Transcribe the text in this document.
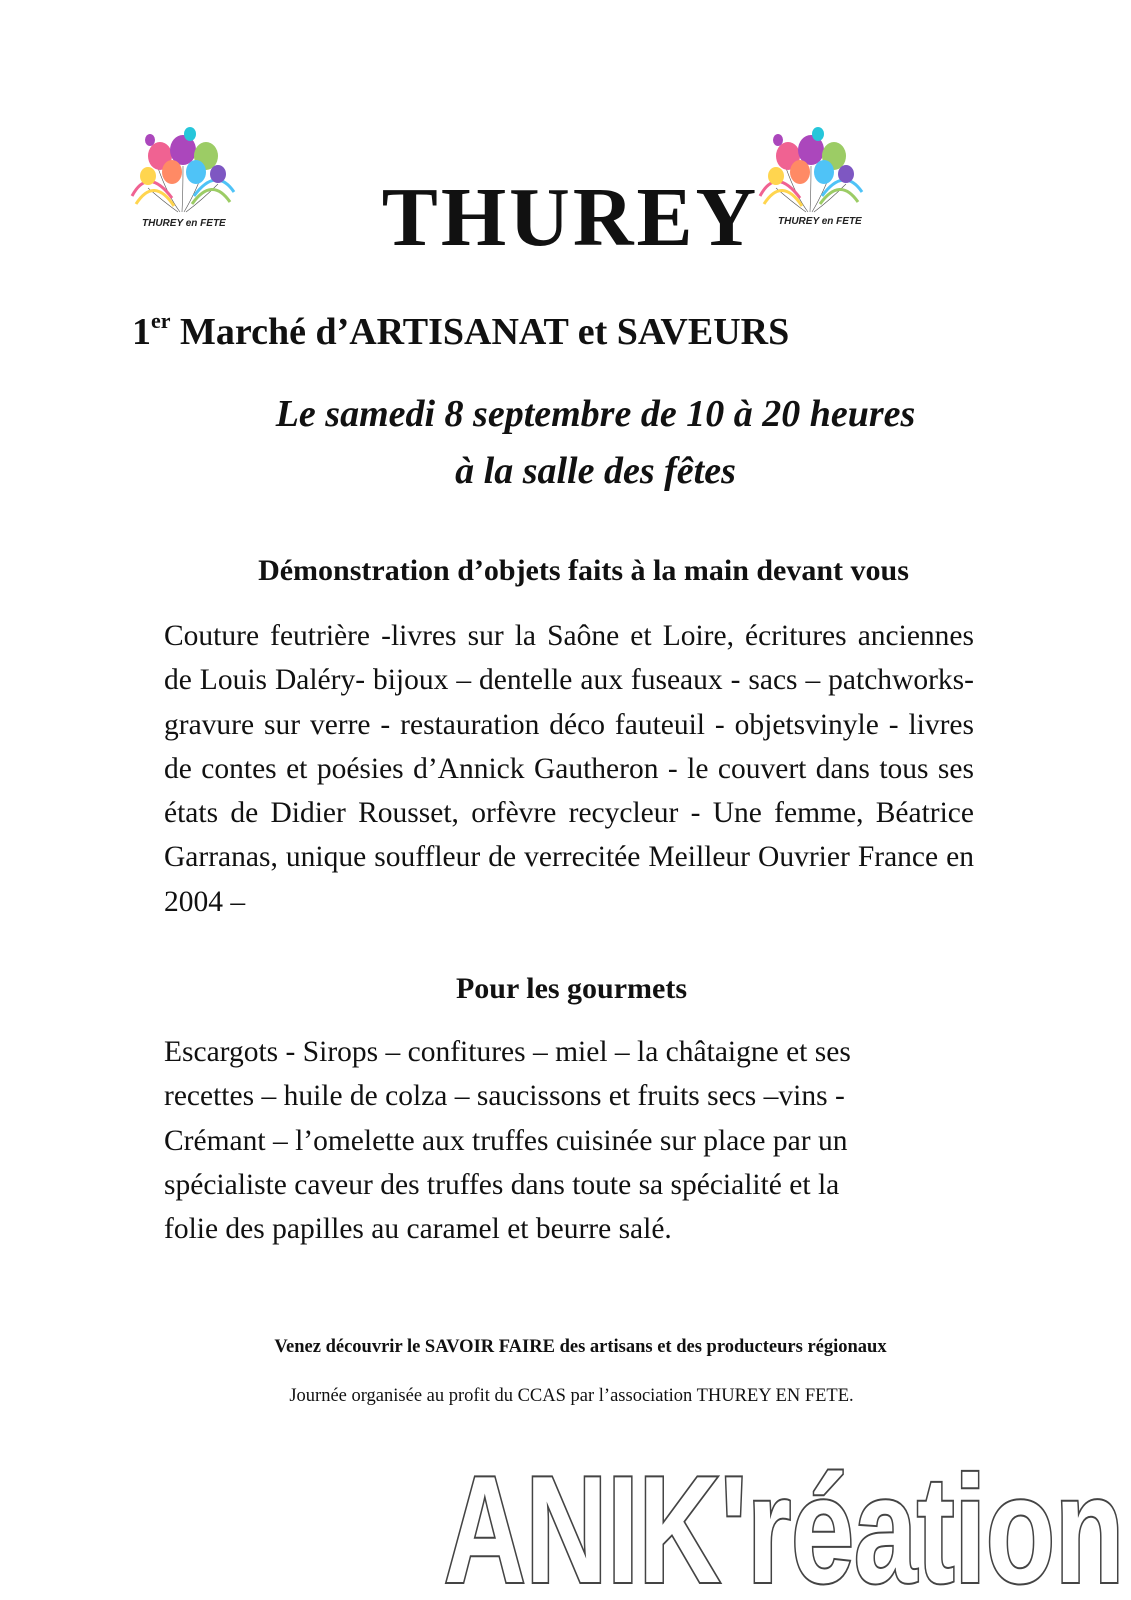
THUREY en FETE	THUREY en FETE
THUREY
1er Marché d’ARTISANAT et SAVEURS
Le samedi 8 septembre de 10 à 20 heures
à la salle des fêtes
Démonstration d’objets faits à la main devant vous
Couture feutrière -livres sur la Saône et Loire, écritures anciennes de Louis Daléry- bijoux – dentelle aux fuseaux - sacs – patchworks- gravure sur verre - restauration déco fauteuil - objetsvinyle - livres de contes et poésies d’Annick Gautheron - le couvert dans tous ses états de Didier Rousset, orfèvre recycleur - Une femme, Béatrice Garranas, unique souffleur de verrecitée Meilleur Ouvrier France en 2004 –
Pour les gourmets
Escargots - Sirops – confitures – miel – la châtaigne et ses
recettes – huile de colza – saucissons et fruits secs –vins -
Crémant – l’omelette aux truffes cuisinée sur place par un
spécialiste caveur des truffes dans toute sa spécialité et la
folie des papilles au caramel et beurre salé.
Venez découvrir le SAVOIR FAIRE des artisans et des producteurs régionaux
Journée organisée au profit du CCAS par l’association THUREY EN FETE.
ANIK'réation
